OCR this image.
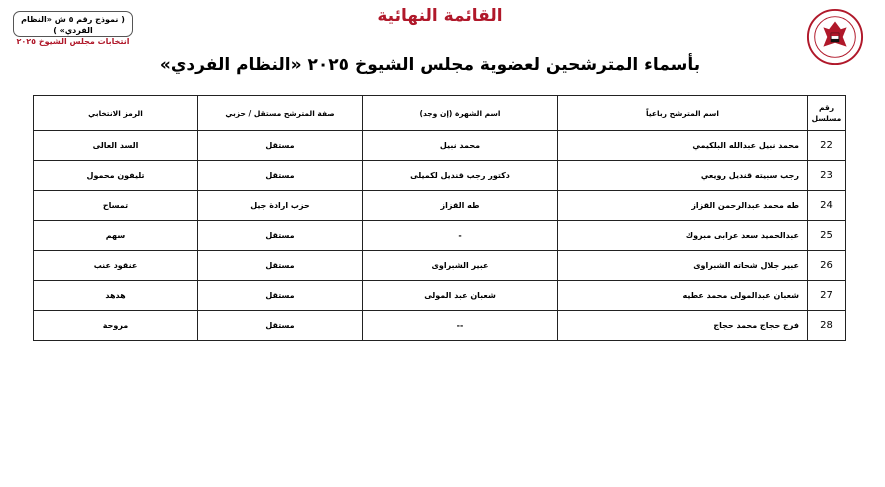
( نموذج رقم ٥ ش «النظام الفردي» )
انتخابات مجلس الشيوخ ٢٠٢٥
القائمة النهائية
بأسماء المترشحين لعضوية مجلس الشيوخ ٢٠٢٥ «النظام الفردي»
رقم مسلسل	اسم المترشح رباعياً	اسم الشهرة (إن وجد)	صفة المترشح مستقل / حزبي	الرمز الانتخابي
22	محمد نبيل عبدالله البلكيمي	محمد نبيل	مستقل	السد العالى
23	رجب سبيته قنديل رويعي	دكتور رجب قنديل لكميلى	مستقل	تليفون محمول
24	طه محمد عبدالرحمن القزاز	طه القزاز	حزب ارادة جيل	تمساح
25	عبدالحميد سعد عرابى مبروك	-	مستقل	سهم
26	عبير جلال شحاته الشبراوى	عبير الشبراوى	مستقل	عنقود عنب
27	شعبان عبدالمولى محمد عطيه	شعبان عبد المولى	مستقل	هدهد
28	فرج حجاج محمد حجاج	--	مستقل	مروحة
